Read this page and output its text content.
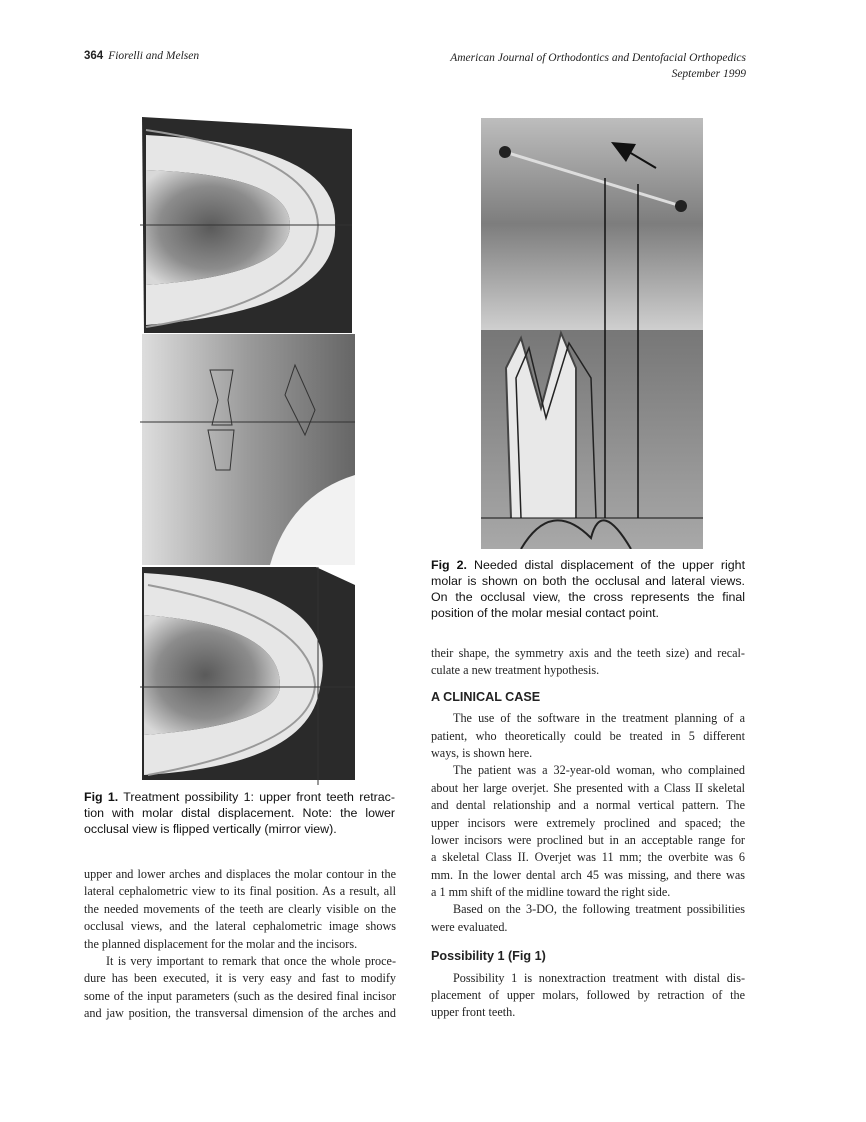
364 Fiorelli and Melsen	American Journal of Orthodontics and Dentofacial Orthopedics
September 1999
Fig 1. Treatment possibility 1: upper front teeth retrac-
tion with molar distal displacement. Note: the lower
occlusal view is flipped vertically (mirror view).
Fig 2. Needed distal displacement of the upper right
molar is shown on both the occlusal and lateral views.
On the occlusal view, the cross represents the final
position of the molar mesial contact point.
upper and lower arches and displaces the molar contour in the
lateral cephalometric view to its final position. As a result, all
the needed movements of the teeth are clearly visible on the
occlusal views, and the lateral cephalometric image shows
the planned displacement for the molar and the incisors.
It is very important to remark that once the whole proce-
dure has been executed, it is very easy and fast to modify
some of the input parameters (such as the desired final incisor
and jaw position, the transversal dimension of the arches and
their shape, the symmetry axis and the teeth size) and recal-
culate a new treatment hypothesis.
A CLINICAL CASE
The use of the software in the treatment planning of a
patient, who theoretically could be treated in 5 different
ways, is shown here.
The patient was a 32-year-old woman, who complained
about her large overjet. She presented with a Class II skeletal
and dental relationship and a normal vertical pattern. The
upper incisors were extremely proclined and spaced; the
lower incisors were proclined but in an acceptable range for
a skeletal Class II. Overjet was 11 mm; the overbite was 6
mm. In the lower dental arch 45 was missing, and there was
a 1 mm shift of the midline toward the right side.
Based on the 3-DO, the following treatment possibilities
were evaluated.
Possibility 1 (Fig 1)
Possibility 1 is nonextraction treatment with distal dis-
placement of upper molars, followed by retraction of the
upper front teeth.
